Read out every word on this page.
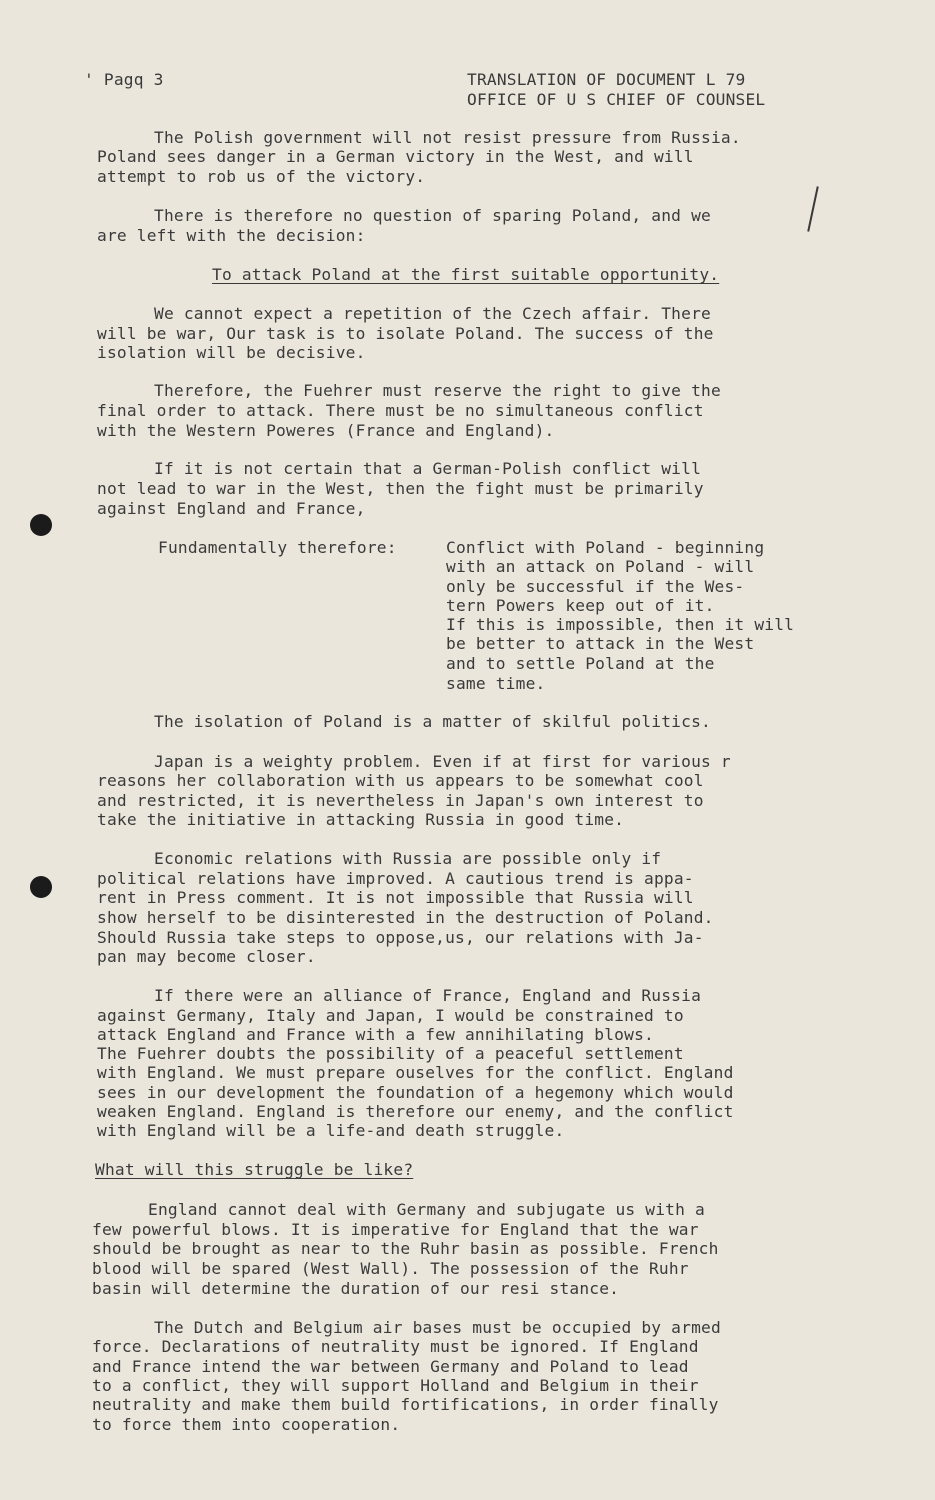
' Pagq 3	TRANSLATION OF DOCUMENT L 79
OFFICE OF U S CHIEF OF COUNSEL
The Polish government will not resist pressure from Russia.
Poland sees danger in a German victory in the West, and will
attempt to rob us of the victory.
There is therefore no question of sparing Poland, and we
are left with the decision:
To attack Poland at the first suitable opportunity.
We cannot expect a repetition of the Czech affair. There
will be war, Our task is to isolate Poland. The success of the
isolation will be decisive.
Therefore, the Fuehrer must reserve the right to give the
final order to attack. There must be no simultaneous conflict
with the Western Poweres (France and England).
If it is not certain that a German-Polish conflict will
not lead to war in the West, then the fight must be primarily
against England and France,
Fundamentally therefore:	Conflict with Poland - beginning
with an attack on Poland - will
only be successful if the Wes-
tern Powers keep out of it.
If this is impossible, then it will
be better to attack in the West
and to settle Poland at the
same time.
The isolation of Poland is a matter of skilful politics.
Japan is a weighty problem. Even if at first for various r
reasons her collaboration with us appears to be somewhat cool
and restricted, it is nevertheless in Japan's own interest to
take the initiative in attacking Russia in good time.
Economic relations with Russia are possible only if
political relations have improved. A cautious trend is appa-
rent in Press comment. It is not impossible that Russia will
show herself to be disinterested in the destruction of Poland.
Should Russia take steps to oppose,us, our relations with Ja-
pan may become closer.
If there were an alliance of France, England and Russia
against Germany, Italy and Japan, I would be constrained to
attack England and France with a few annihilating blows.
The Fuehrer doubts the possibility of a peaceful settlement
with England. We must prepare ouselves for the conflict. England
sees in our development the foundation of a hegemony which would
weaken England. England is therefore our enemy, and the conflict
with England will be a life-and death struggle.
What will this struggle be like?
England cannot deal with Germany and subjugate us with a
few powerful blows. It is imperative for England that the war
should be brought as near to the Ruhr basin as possible. French
blood will be spared (West Wall). The possession of the Ruhr
basin will determine the duration of our resi stance.
The Dutch and Belgium air bases must be occupied by armed
force. Declarations of neutrality must be ignored. If England
and France intend the war between Germany and Poland to lead
to a conflict, they will support Holland and Belgium in their
neutrality and make them build fortifications, in order finally
to force them into cooperation.
